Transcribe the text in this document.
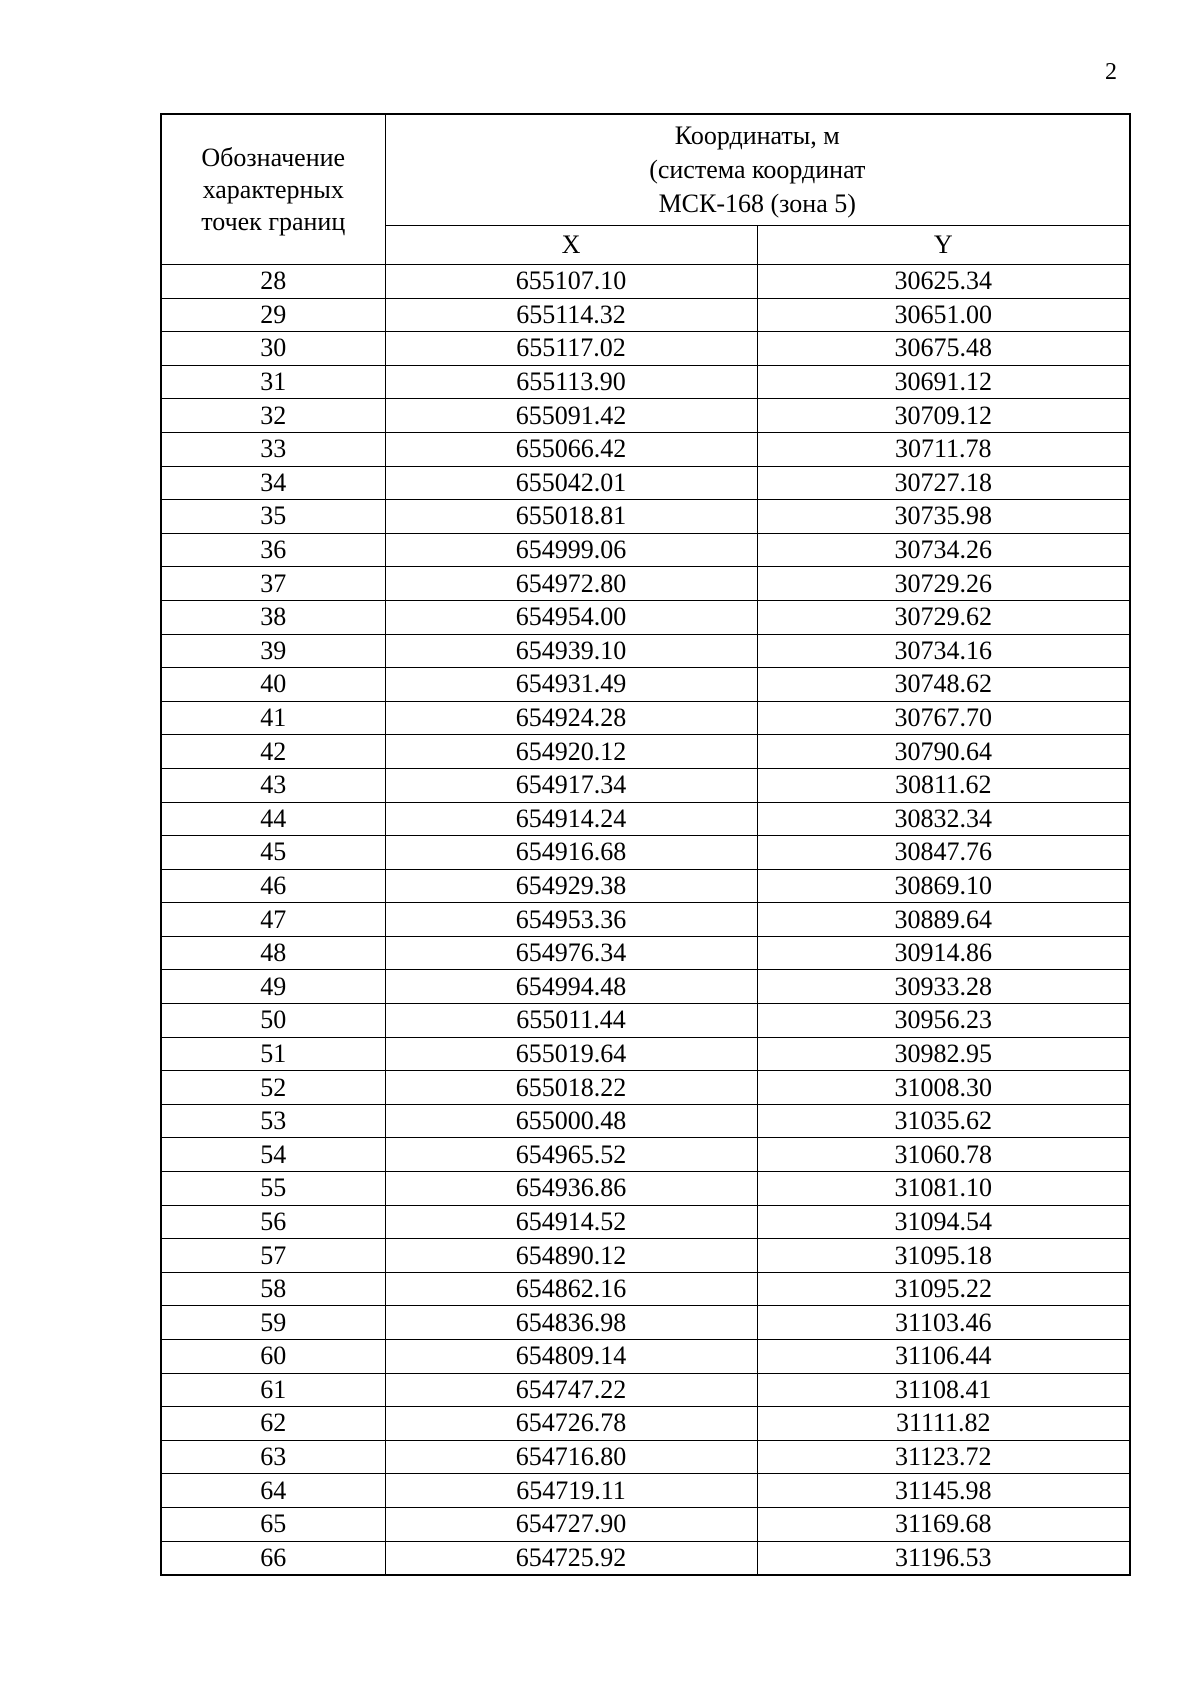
2
Обозначение
характерных
точек границ	Координаты, м
(система координат
МСК-168 (зона 5)	

	X	Y
28	655107.10	30625.34
29	655114.32	30651.00
30	655117.02	30675.48
31	655113.90	30691.12
32	655091.42	30709.12
33	655066.42	30711.78
34	655042.01	30727.18
35	655018.81	30735.98
36	654999.06	30734.26
37	654972.80	30729.26
38	654954.00	30729.62
39	654939.10	30734.16
40	654931.49	30748.62
41	654924.28	30767.70
42	654920.12	30790.64
43	654917.34	30811.62
44	654914.24	30832.34
45	654916.68	30847.76
46	654929.38	30869.10
47	654953.36	30889.64
48	654976.34	30914.86
49	654994.48	30933.28
50	655011.44	30956.23
51	655019.64	30982.95
52	655018.22	31008.30
53	655000.48	31035.62
54	654965.52	31060.78
55	654936.86	31081.10
56	654914.52	31094.54
57	654890.12	31095.18
58	654862.16	31095.22
59	654836.98	31103.46
60	654809.14	31106.44
61	654747.22	31108.41
62	654726.78	31111.82
63	654716.80	31123.72
64	654719.11	31145.98
65	654727.90	31169.68
66	654725.92	31196.53
